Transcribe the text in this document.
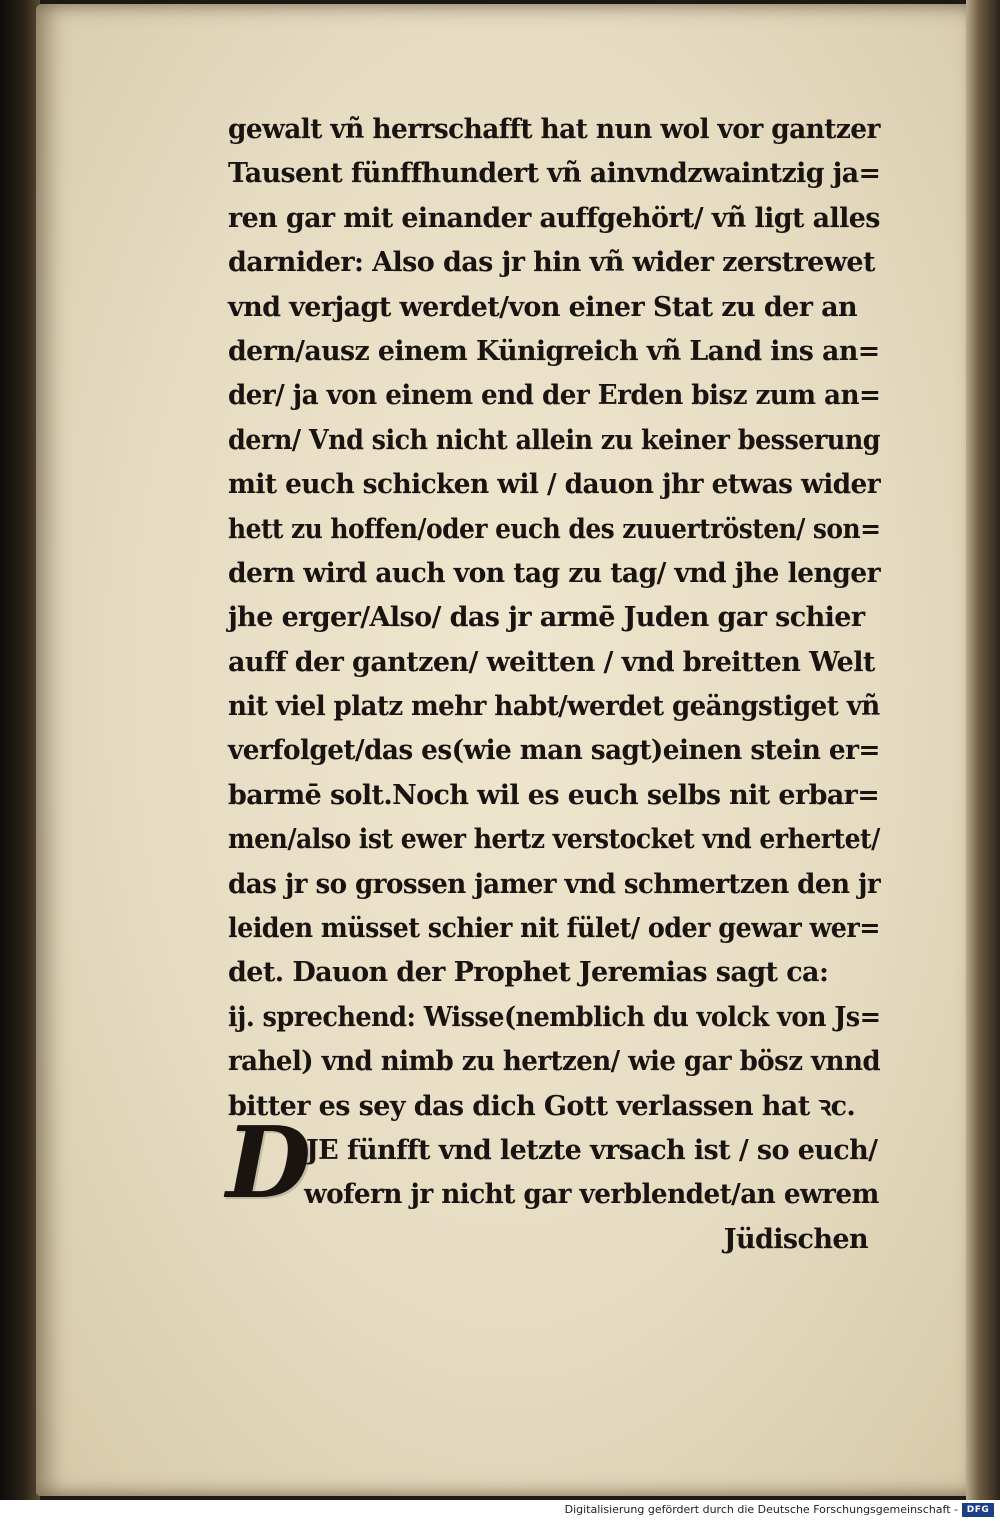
gewalt vñ herrschafft hat nun wol vor gantzer
Tausent fünffhundert vñ ainvndzwaintzig ja=
ren gar mit einander auffgehört/ vñ ligt alles
darnider: Also das jr hin vñ wider zerstrewet
vnd verjagt werdet/von einer Stat zu der an
dern/ausz einem Künigreich vñ Land ins an=
der/ ja von einem end der Erden bisz zum an=
dern/ Vnd sich nicht allein zu keiner besserung
mit euch schicken wil / dauon jhr etwas wider
hett zu hoffen/oder euch des zuuertrösten/ son=
dern wird auch von tag zu tag/ vnd jhe lenger
jhe erger/Also/ das jr armē Juden gar schier
auff der gantzen/ weitten / vnd breitten Welt
nit viel platz mehr habt/werdet geängstiget vñ
verfolget/das es(wie man sagt)einen stein er=
barmē solt.Noch wil es euch selbs nit erbar=
men/also ist ewer hertz verstocket vnd erhertet/
das jr so grossen jamer vnd schmertzen den jr
leiden müsset schier nit fület/ oder gewar wer=
det. Dauon der Prophet Jeremias sagt ca:
ij. sprechend: Wisse(nemblich du volck von Js=
rahel) vnd nimb zu hertzen/ wie gar bösz vnnd
bitter es sey das dich Gott verlassen hat ꝛc.
JE fünfft vnd letzte vrsach ist / so euch/
wofern jr nicht gar verblendet/an ewrem
Jüdischen
D
Digitalisierung gefördert durch die Deutsche Forschungsgemeinschaft - DFG
